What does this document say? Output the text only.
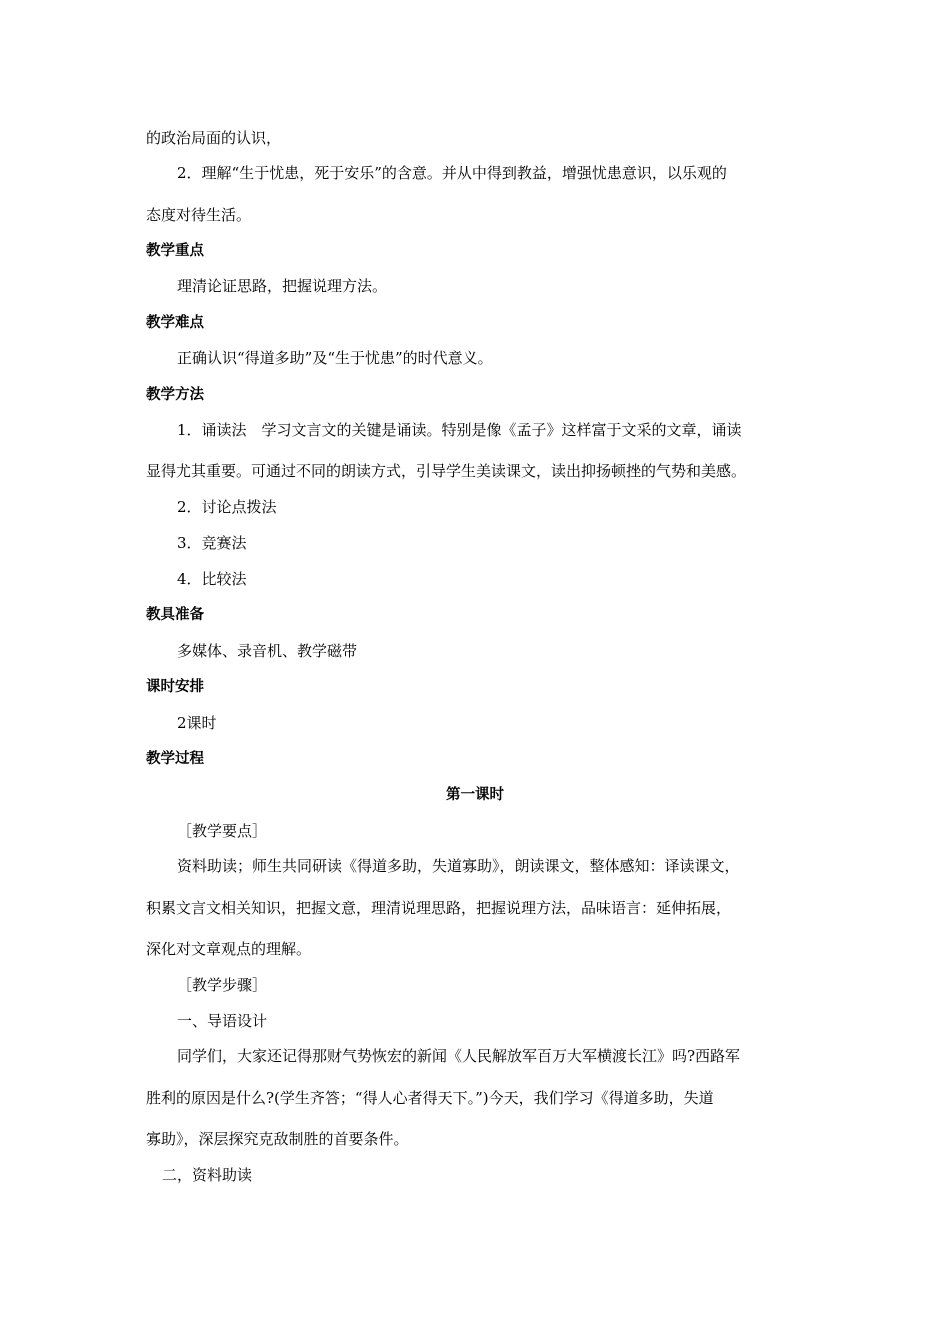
的政治局面的认识，

2．理解“生于忧患，死于安乐”的含意。并从中得到教益，增强忧患意识，以乐观的

态度对待生活。

教学重点

理清论证思路，把握说理方法。

教学难点

正确认识“得道多助”及“生于忧患”的时代意义。

教学方法

1．诵读法　学习文言文的关键是诵读。特别是像《孟子》这样富于文采的文章，诵读

显得尤其重要。可通过不同的朗读方式，引导学生美读课文，读出抑扬顿挫的气势和美感。

2．讨论点拨法

3．竞赛法

4．比较法

教具准备

多媒体、录音机、教学磁带

课时安排

2课时

教学过程

第一课时

［教学要点］

资料助读；师生共同研读《得道多助，失道寡助》，朗读课文，整体感知：译读课文，

积累文言文相关知识，把握文意，理清说理思路，把握说理方法，品味语言：延伸拓展，

深化对文章观点的理解。

［教学步骤］

一、导语设计

同学们，大家还记得那财气势恢宏的新闻《人民解放军百万大军横渡长江》吗?西路军

胜利的原因是什么?(学生齐答；“得人心者得天下。”)今天，我们学习《得道多助，失道

寡助》，深层探究克敌制胜的首要条件。

二，资料助读
